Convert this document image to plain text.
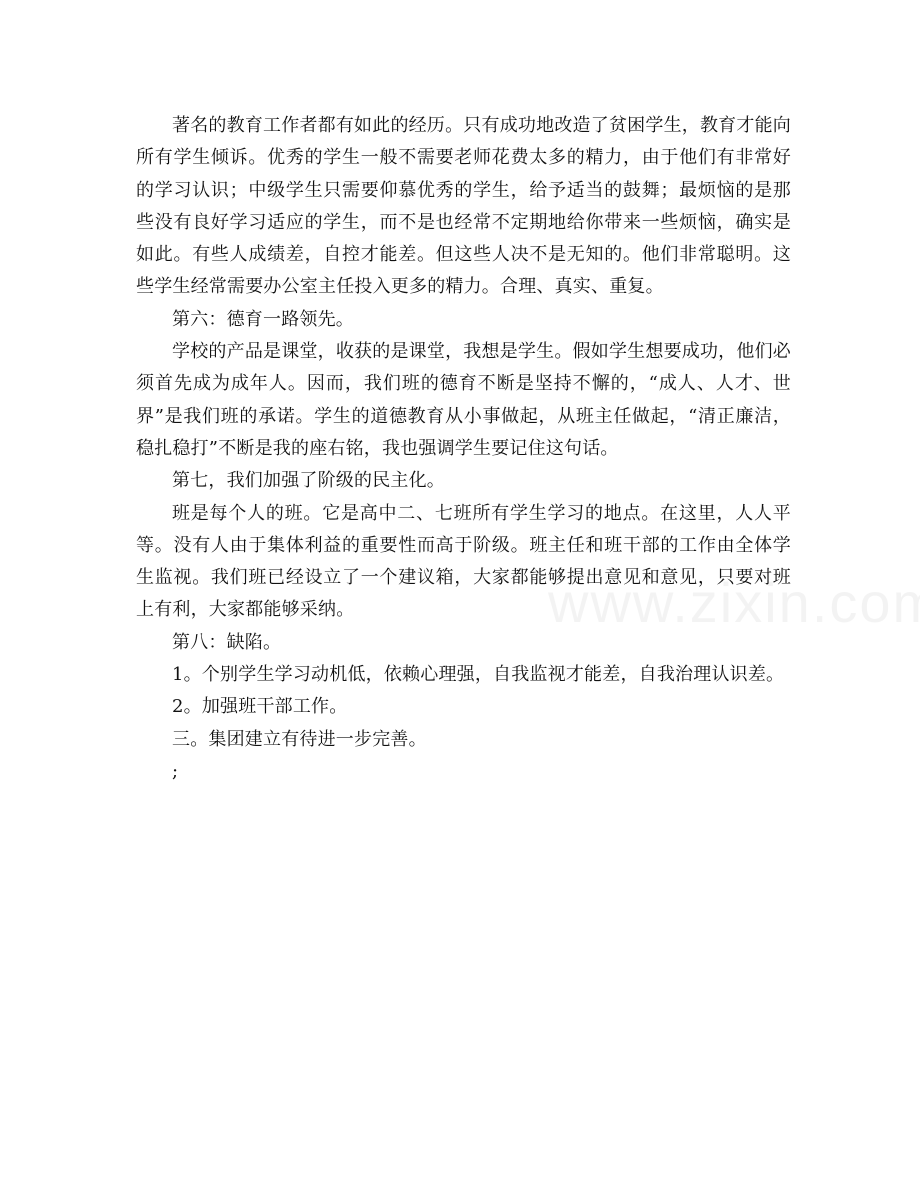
著名的教育工作者都有如此的经历。只有成功地改造了贫困学生，教育才能向所有学生倾诉。优秀的学生一般不需要老师花费太多的精力，由于他们有非常好的学习认识；中级学生只需要仰慕优秀的学生，给予适当的鼓舞；最烦恼的是那些没有良好学习适应的学生，而不是也经常不定期地给你带来一些烦恼，确实是如此。有些人成绩差，自控才能差。但这些人决不是无知的。他们非常聪明。这些学生经常需要办公室主任投入更多的精力。合理、真实、重复。

第六：德育一路领先。

学校的产品是课堂，收获的是课堂，我想是学生。假如学生想要成功，他们必须首先成为成年人。因而，我们班的德育不断是坚持不懈的，“成人、人才、世界”是我们班的承诺。学生的道德教育从小事做起，从班主任做起，“清正廉洁，稳扎稳打”不断是我的座右铭，我也强调学生要记住这句话。

第七，我们加强了阶级的民主化。

班是每个人的班。它是高中二、七班所有学生学习的地点。在这里，人人平等。没有人由于集体利益的重要性而高于阶级。班主任和班干部的工作由全体学生监视。我们班已经设立了一个建议箱，大家都能够提出意见和意见，只要对班上有利，大家都能够采纳。

第八：缺陷。

1。个别学生学习动机低，依赖心理强，自我监视才能差，自我治理认识差。

2。加强班干部工作。

三。集团建立有待进一步完善。

;
